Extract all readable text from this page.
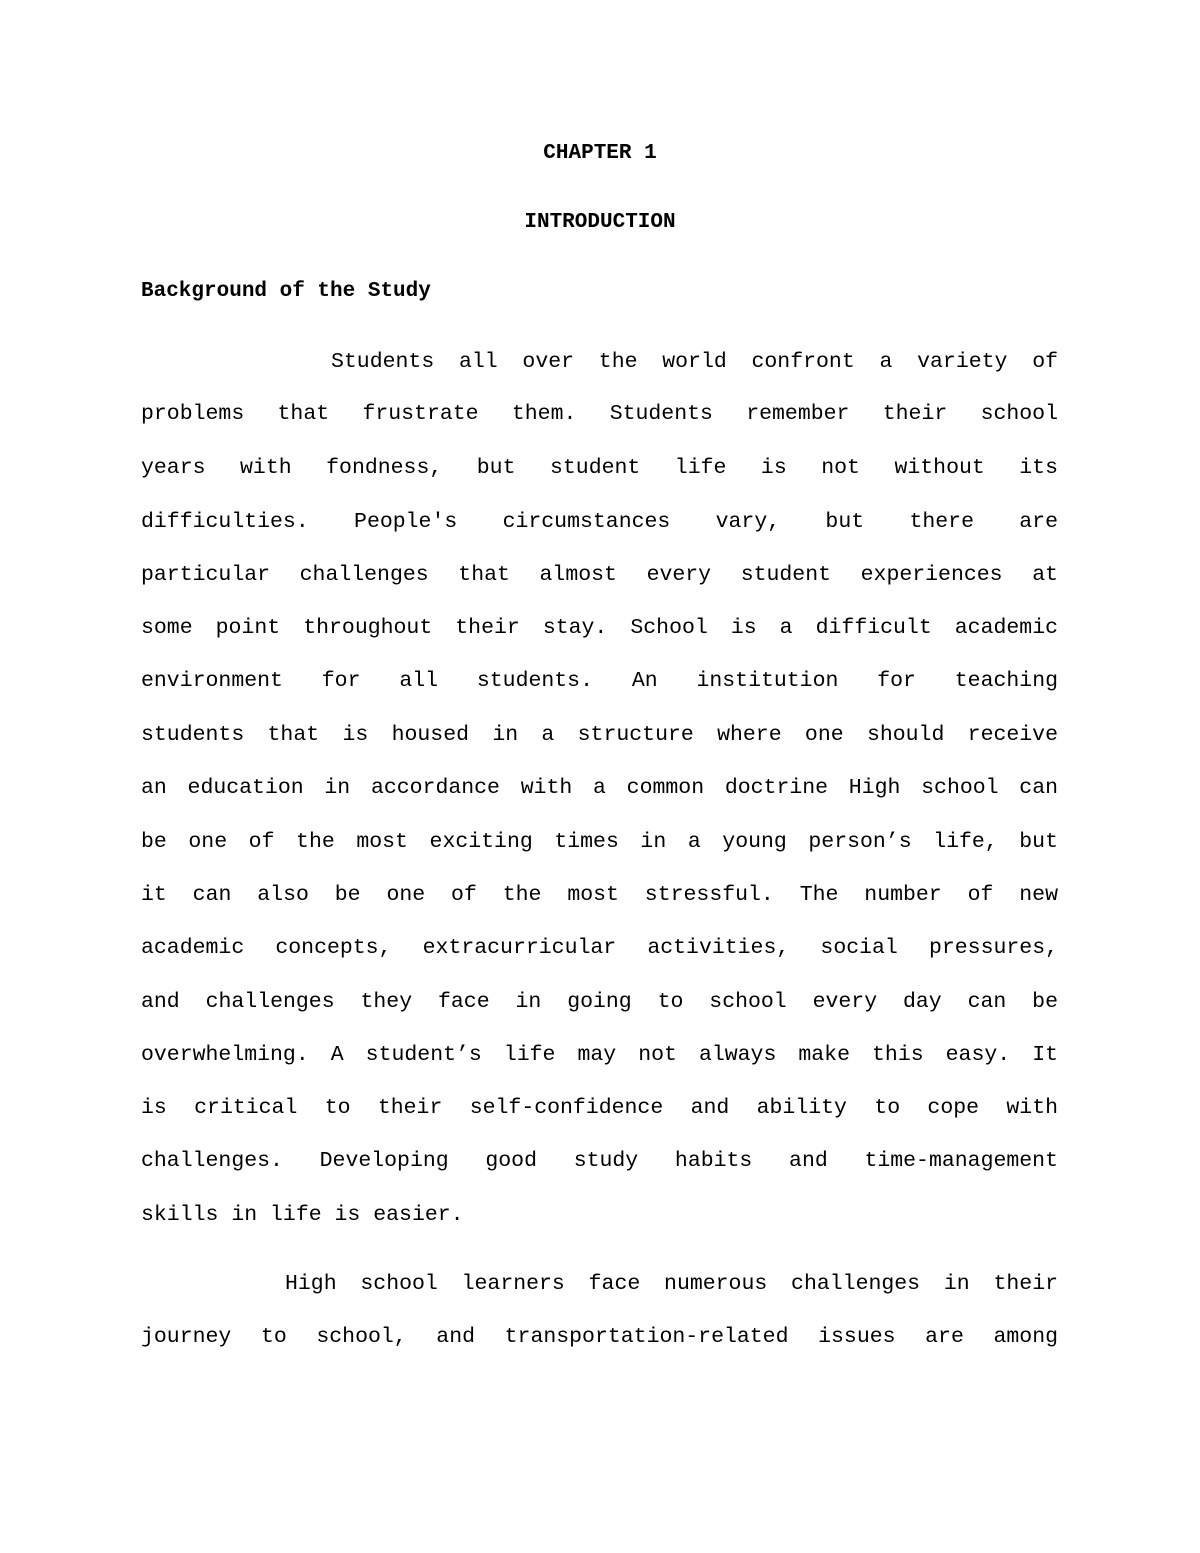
CHAPTER 1
INTRODUCTION
Background of the Study

Students all over the world confront a variety of

problems that frustrate them. Students remember their school

years with fondness, but student life is not without its

difficulties. People's circumstances vary, but there are

particular challenges that almost every student experiences at

some point throughout their stay. School is a difficult academic

environment for all students. An institution for teaching

students that is housed in a structure where one should receive

an education in accordance with a common doctrine High school can

be one of the most exciting times in a young person’s life, but

it can also be one of the most stressful. The number of new

academic concepts, extracurricular activities, social pressures,

and challenges they face in going to school every day can be

overwhelming. A student’s life may not always make this easy. It

is critical to their self-confidence and ability to cope with

challenges. Developing good study habits and time-management

skills in life is easier.

High school learners face numerous challenges in their

journey to school, and transportation-related issues are among
